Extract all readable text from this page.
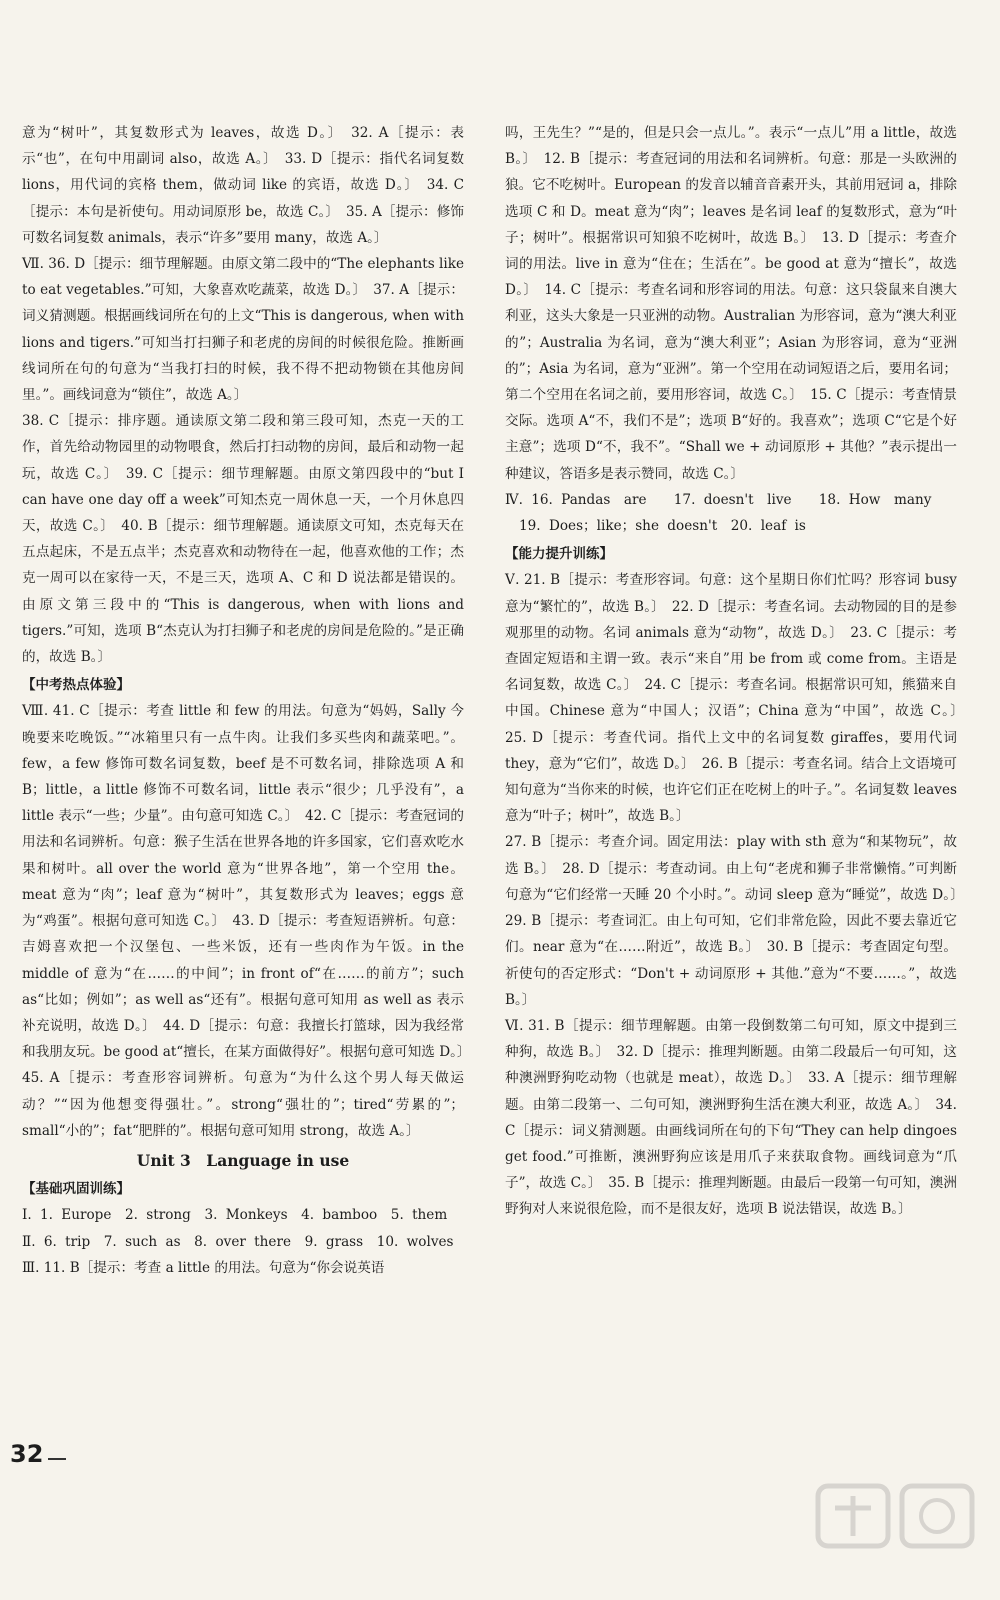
意为“树叶”，其复数形式为 leaves，故选 D。〕　32. A［提示：表示“也”，在句中用副词 also，故选 A。〕　33. D［提示：指代名词复数 lions，用代词的宾格 them，做动词 like 的宾语，故选 D。〕　34. C［提示：本句是祈使句。用动词原形 be，故选 C。〕　35. A［提示：修饰可数名词复数 animals，表示“许多”要用 many，故选 A。〕

Ⅶ. 36. D［提示：细节理解题。由原文第二段中的“The elephants like to eat vegetables.”可知，大象喜欢吃蔬菜，故选 D。〕　37. A［提示：词义猜测题。根据画线词所在句的上文“This is dangerous, when with lions and tigers.”可知当打扫狮子和老虎的房间的时候很危险。推断画线词所在句的句意为“当我打扫的时候，我不得不把动物锁在其他房间里。”。画线词意为“锁住”，故选 A。〕

38. C［提示：排序题。通读原文第二段和第三段可知，杰克一天的工作，首先给动物园里的动物喂食，然后打扫动物的房间，最后和动物一起玩，故选 C。〕　39. C［提示：细节理解题。由原文第四段中的“but I can have one day off a week”可知杰克一周休息一天，一个月休息四天，故选 C。〕　40. B［提示：细节理解题。通读原文可知，杰克每天在五点起床，不是五点半；杰克喜欢和动物待在一起，他喜欢他的工作；杰克一周可以在家待一天，不是三天，选项 A、C 和 D 说法都是错误的。由原文第三段中的“This is dangerous, when with lions and tigers.”可知，选项 B“杰克认为打扫狮子和老虎的房间是危险的。”是正确的，故选 B。〕

【中考热点体验】

Ⅷ. 41. C［提示：考查 little 和 few 的用法。句意为“妈妈，Sally 今晚要来吃晚饭。”“冰箱里只有一点牛肉。让我们多买些肉和蔬菜吧。”。few，a few 修饰可数名词复数，beef 是不可数名词，排除选项 A 和 B；little，a little 修饰不可数名词，little 表示“很少；几乎没有”，a little 表示“一些；少量”。由句意可知选 C。〕　42. C［提示：考查冠词的用法和名词辨析。句意：猴子生活在世界各地的许多国家，它们喜欢吃水果和树叶。all over the world 意为“世界各地”，第一个空用 the。meat 意为“肉”；leaf 意为“树叶”，其复数形式为 leaves；eggs 意为“鸡蛋”。根据句意可知选 C。〕　43. D［提示：考查短语辨析。句意：吉姆喜欢把一个汉堡包、一些米饭，还有一些肉作为午饭。in the middle of 意为“在……的中间”；in front of“在……的前方”；such as“比如；例如”；as well as“还有”。根据句意可知用 as well as 表示补充说明，故选 D。〕　44. D［提示：句意：我擅长打篮球，因为我经常和我朋友玩。be good at“擅长，在某方面做得好”。根据句意可知选 D。〕

45. A［提示：考查形容词辨析。句意为“为什么这个男人每天做运动？”“因为他想变得强壮。”。strong“强壮的”；tired“劳累的”；small“小的”；fat“肥胖的”。根据句意可知用 strong，故选 A。〕

Unit 3　Language in use
【基础巩固训练】

Ⅰ. 1. Europe　2. strong　3. Monkeys　4. bamboo　5. them

Ⅱ. 6. trip　7. such as　8. over there　9. grass　10. wolves

Ⅲ. 11. B［提示：考查 a little 的用法。句意为“你会说英语

吗，王先生？”“是的，但是只会一点儿。”。表示“一点儿”用 a little，故选 B。〕　12. B［提示：考查冠词的用法和名词辨析。句意：那是一头欧洲的狼。它不吃树叶。European 的发音以辅音音素开头，其前用冠词 a，排除选项 C 和 D。meat 意为“肉”；leaves 是名词 leaf 的复数形式，意为“叶子；树叶”。根据常识可知狼不吃树叶，故选 B。〕　13. D［提示：考查介词的用法。live in 意为“住在；生活在”。be good at 意为“擅长”，故选 D。〕　14. C［提示：考查名词和形容词的用法。句意：这只袋鼠来自澳大利亚，这头大象是一只亚洲的动物。Australian 为形容词，意为“澳大利亚的”；Australia 为名词，意为“澳大利亚”；Asian 为形容词，意为“亚洲的”；Asia 为名词，意为“亚洲”。第一个空用在动词短语之后，要用名词；第二个空用在名词之前，要用形容词，故选 C。〕　15. C［提示：考查情景交际。选项 A“不，我们不是”；选项 B“好的。我喜欢”；选项 C“它是个好主意”；选项 D“不，我不”。“Shall we + 动词原形 + 其他？”表示提出一种建议，答语多是表示赞同，故选 C。〕

Ⅳ. 16. Pandas　are　　17. doesn't　live　　18. How　many

19. Does；like；she doesn't　20. leaf is

【能力提升训练】

Ⅴ. 21. B［提示：考查形容词。句意：这个星期日你们忙吗？形容词 busy 意为“繁忙的”，故选 B。〕　22. D［提示：考查名词。去动物园的目的是参观那里的动物。名词 animals 意为“动物”，故选 D。〕　23. C［提示：考查固定短语和主谓一致。表示“来自”用 be from 或 come from。主语是名词复数，故选 C。〕　24. C［提示：考查名词。根据常识可知，熊猫来自中国。Chinese 意为“中国人；汉语”；China 意为“中国”，故选 C。〕　25. D［提示：考查代词。指代上文中的名词复数 giraffes，要用代词 they，意为“它们”，故选 D。〕　26. B［提示：考查名词。结合上文语境可知句意为“当你来的时候，也许它们正在吃树上的叶子。”。名词复数 leaves 意为“叶子；树叶”，故选 B。〕

27. B［提示：考查介词。固定用法：play with sth 意为“和某物玩”，故选 B。〕　28. D［提示：考查动词。由上句“老虎和狮子非常懒惰。”可判断句意为“它们经常一天睡 20 个小时。”。动词 sleep 意为“睡觉”，故选 D。〕　29. B［提示：考查词汇。由上句可知，它们非常危险，因此不要去靠近它们。near 意为“在……附近”，故选 B。〕　30. B［提示：考查固定句型。祈使句的否定形式：“Don't + 动词原形 + 其他.”意为“不要……。”，故选 B。〕

Ⅵ. 31. B［提示：细节理解题。由第一段倒数第二句可知，原文中提到三种狗，故选 B。〕　32. D［提示：推理判断题。由第二段最后一句可知，这种澳洲野狗吃动物（也就是 meat），故选 D。〕　33. A［提示：细节理解题。由第二段第一、二句可知，澳洲野狗生活在澳大利亚，故选 A。〕　34. C［提示：词义猜测题。由画线词所在句的下句“They can help dingoes get food.”可推断，澳洲野狗应该是用爪子来获取食物。画线词意为“爪子”，故选 C。〕　35. B［提示：推理判断题。由最后一段第一句可知，澳洲野狗对人来说很危险，而不是很友好，选项 B 说法错误，故选 B。〕

32
